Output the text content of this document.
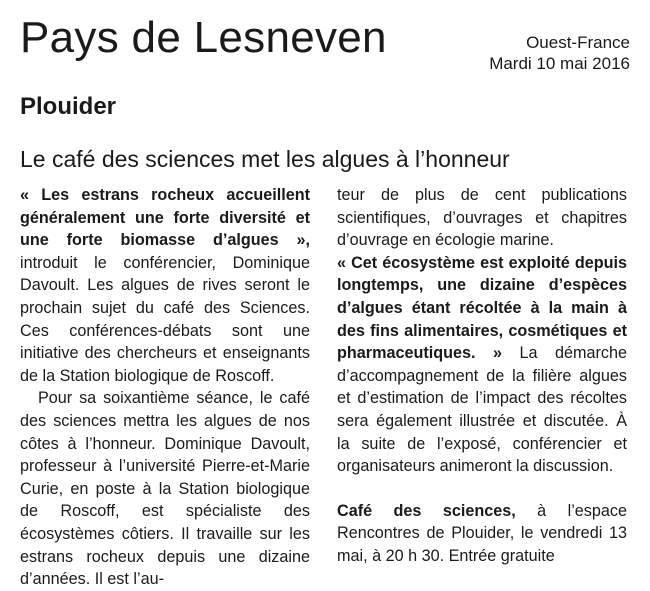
Pays de Lesneven	Ouest-France
Mardi 10 mai 2016
Plouider
Le café des sciences met les algues à l’honneur

« Les estrans rocheux accueillent généralement une forte diversité et une forte biomasse d’algues », introduit le conférencier, Dominique Davoult. Les algues de rives seront le prochain sujet du café des Sciences. Ces conférences-débats sont une initiative des chercheurs et enseignants de la Station biologique de Roscoff.

Pour sa soixantième séance, le café des sciences mettra les algues de nos côtes à l’honneur. Dominique Davoult, professeur à l’université Pierre-et-Marie Curie, en poste à la Station biologique de Roscoff, est spécialiste des écosystèmes côtiers. Il travaille sur les estrans rocheux depuis une dizaine d’années. Il est l’au-

teur de plus de cent publications scientifiques, d’ouvrages et chapitres d’ouvrage en écologie marine.

« Cet écosystème est exploité depuis longtemps, une dizaine d’espèces d’algues étant récoltée à la main à des fins alimentaires, cosmétiques et pharmaceutiques. » La démarche d’accompagnement de la filière algues et d’estimation de l’impact des récoltes sera également illustrée et discutée. À la suite de l’exposé, conférencier et organisateurs animeront la discussion.

Café des sciences, à l’espace Rencontres de Plouider, le vendredi 13 mai, à 20 h 30. Entrée gratuite
